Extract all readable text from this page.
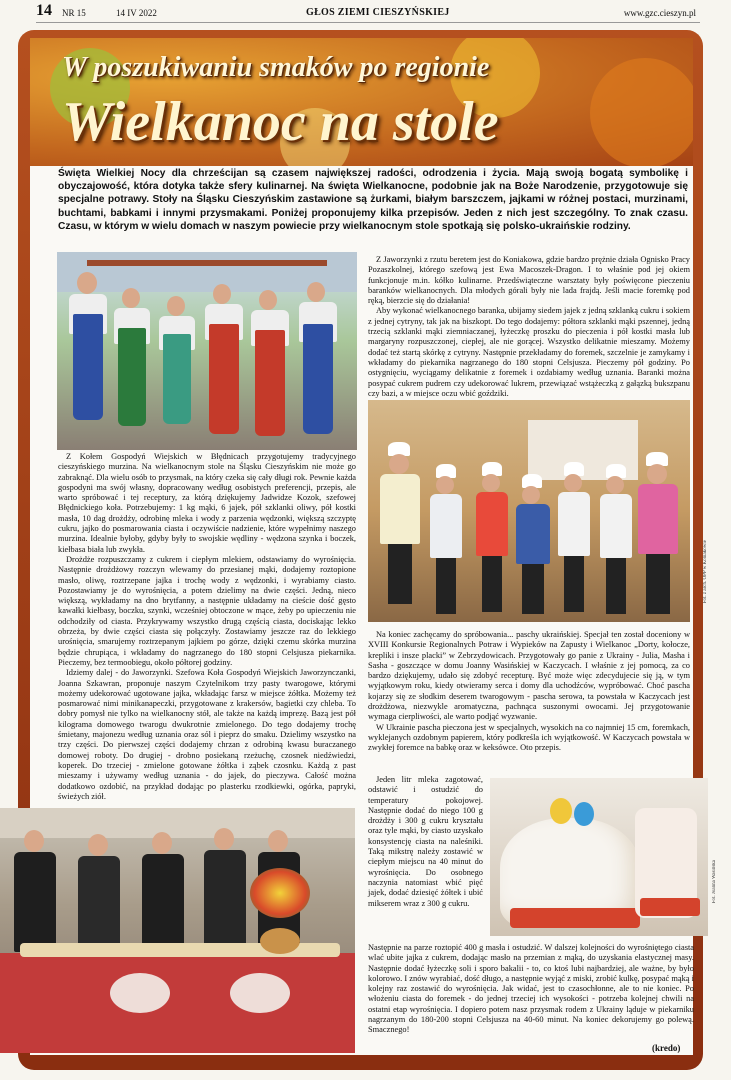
14 NR 15	14 IV 2022	GŁOS ZIEMI CIESZYŃSKIEJ	www.gzc.cieszyn.pl
W poszukiwaniu smaków po regionie
Wielkanoc na stole
Święta Wielkiej Nocy dla chrześcijan są czasem największej radości, odrodzenia i życia. Mają swoją bogatą symbolikę i obyczajowość, która dotyka także sfery kulinarnej. Na święta Wielkanocne, podobnie jak na Boże Narodzenie, przygotowuje się specjalne potrawy. Stoły na Śląsku Cieszyńskim zastawione są żurkami, białym barszczem, jajkami w różnej postaci, murzinami, buchtami, babkami i innymi przysmakami. Poniżej proponujemy kilka przepisów. Jeden z nich jest szczególny. To znak czasu. Czasu, w którym w wielu domach w naszym powiecie przy wielkanocnym stole spotkają się polsko-ukraińskie rodziny.

Z Kołem Gospodyń Wiejskich w Błędnicach przygotujemy tradycyjnego cieszyńskiego murzina. Na wielkanocnym stole na Śląsku Cieszyńskim nie może go zabraknąć. Dla wielu osób to przysmak, na który czeka się cały długi rok. Pewnie każda gospodyni ma swój własny, dopracowany według osobistych preferencji, przepis, ale warto spróbować i tej receptury, za którą dziękujemy Jadwidze Kozok, szefowej Błędnickiego koła. Potrzebujemy: 1 kg mąki, 6 jajek, pół szklanki oliwy, pół kostki masła, 10 dag drożdży, odrobinę mleka i wody z parzenia wędzonki, większą szczyptę cukru, jajko do posmarowania ciasta i oczywiście nadzienie, które wypełnimy naszego murzina. Idealnie byłoby, gdyby były to swojskie wędliny - wędzona szynka i boczek, kiełbasa biała lub zwykła.

Drożdże rozpuszczamy z cukrem i ciepłym mlekiem, odstawiamy do wyrośnięcia. Następnie drożdżowy rozczyn wlewamy do przesianej mąki, dodajemy roztopione masło, oliwę, roztrzepane jajka i trochę wody z wędzonki, i wyrabiamy ciasto. Pozostawiamy je do wyrośnięcia, a potem dzielimy na dwie części. Jedną, nieco większą, wykładamy na dno brytfanny, a następnie układamy na cieście dość gęsto kawałki kiełbasy, boczku, szynki, wcześniej obtoczone w mące, żeby po upieczeniu nie odchodziły od ciasta. Przykrywamy wszystko drugą częścią ciasta, dociskając lekko obrzeża, by dwie części ciasta się połączyły. Zostawiamy jeszcze raz do lekkiego urośnięcia, smarujemy roztrzepanym jajkiem po górze, dzięki czemu skórka murzina będzie chrupiąca, i wkładamy do nagrzanego do 180 stopni Celsjusza piekarnika. Pieczemy, bez termoobiegu, około półtorej godziny.

Idziemy dalej - do Jaworzynki. Szefowa Koła Gospodyń Wiejskich Jaworzynczanki, Joanna Szkawran, proponuje naszym Czytelnikom trzy pasty twarogowe, którymi możemy udekorować ugotowane jajka, wkładając farsz w miejsce żółtka. Możemy też posmarować nimi minikanapeczki, przygotowane z krakersów, bagietki czy chleba. To dobry pomysł nie tylko na wielkanocny stół, ale także na każdą imprezę. Bazą jest pół kilograma domowego twarogu dwukrotnie zmielonego. Do tego dodajemy trochę śmietany, majonezu według uznania oraz sól i pieprz do smaku. Dzielimy wszystko na trzy części. Do pierwszej części dodajemy chrzan z odrobiną kwasu buraczanego domowej roboty. Do drugiej - drobno posiekaną rzeżuchę, czosnek niedźwiedzi, koperek. Do trzeciej - zmielone gotowane żółtka i ząbek czosnku. Każdą z past mieszamy i używamy według uznania - do jajek, do pieczywa. Całość można dodatkowo ozdobić, na przykład dodając po plasterku rzodkiewki, ogórka, papryki, świeżych ziół.

Z Jaworzynki z rzutu beretem jest do Koniakowa, gdzie bardzo prężnie działa Ognisko Pracy Pozaszkolnej, którego szefową jest Ewa Macoszek-Dragon. I to właśnie pod jej okiem funkcjonuje m.in. kółko kulinarne. Przedświąteczne warsztaty były poświęcone pieczeniu baranków wielkanocnych. Dla młodych górali były nie lada frajdą. Jeśli macie foremkę pod ręką, bierzcie się do działania!

Aby wykonać wielkanocnego baranka, ubijamy siedem jajek z jedną szklanką cukru i sokiem z jednej cytryny, tak jak na biszkopt. Do tego dodajemy: półtora szklanki mąki pszennej, jedną trzecią szklanki mąki ziemniaczanej, łyżeczkę proszku do pieczenia i pół kostki masła lub margaryny rozpuszczonej, ciepłej, ale nie gorącej. Wszystko delikatnie mieszamy. Możemy dodać też startą skórkę z cytryny. Następnie przekładamy do foremek, szczelnie je zamykamy i wkładamy do piekarnika nagrzanego do 180 stopni Celsjusza. Pieczemy pół godziny. Po ostygnięciu, wyciągamy delikatnie z foremek i ozdabiamy według uznania. Baranki można posypać cukrem pudrem czy udekorować lukrem, przewiązać wstążeczką z gałązką bukszpanu czy bazi, a w miejsce oczu wbić goździki.

Fot. z arch. OPP w Koniakowie

Na koniec zachęcamy do spróbowania... paschy ukraińskiej. Specjał ten został doceniony w XVIII Konkursie Regionalnych Potraw i Wypieków na Zapusty i Wielkanoc „Dorty, kołocze, krepliki i insze placki” w Zebrzydowicach. Przygotowały go panie z Ukrainy - Julia, Masha i Sasha - goszczące w domu Joanny Wasińskiej w Kaczycach. I właśnie z jej pomocą, za co bardzo dziękujemy, udało się zdobyć recepturę. Być może więc zdecydujecie się ją, w tym wyjątkowym roku, kiedy otwieramy serca i domy dla uchodźców, wypróbować. Choć pascha kojarzy się ze słodkim deserem twarogowym - pascha serowa, ta powstała w Kaczycach jest drożdżowa, niezwykle aromatyczna, pachnąca suszonymi owocami. Jej przygotowanie wymaga cierpliwości, ale warto podjąć wyzwanie.

W Ukrainie pascha pieczona jest w specjalnych, wysokich na co najmniej 15 cm, foremkach, wyklejanych ozdobnym papierem, który podkreśla ich wyjątkowość. W Kaczycach powstała w zwykłej foremce na babkę oraz w keksówce. Oto przepis.

Jeden litr mleka zagotować, odstawić i ostudzić do temperatury pokojowej. Następnie dodać do niego 100 g drożdży i 300 g cukru kryształu oraz tyle mąki, by ciasto uzyskało konsystencję ciasta na naleśniki. Taką mikstrę należy zostawić w ciepłym miejscu na 40 minut do wyrośnięcia. Do osobnego naczynia natomiast wbić pięć jajek, dodać dziesięć żółtek i ubić mikserem wraz z 300 g cukru.	Fot. Joanna Wasińska

Następnie na parze roztopić 400 g masła i ostudzić. W dalszej kolejności do wyrośniętego ciasta wlać ubite jajka z cukrem, dodając masło na przemian z mąką, do uzyskania elastycznej masy. Następnie dodać łyżeczkę soli i sporo bakalii - to, co ktoś lubi najbardziej, ale ważne, by było kolorowo. I znów wyrabiać, dość długo, a następnie wyjąć z miski, zrobić kulkę, posypać mąką i kolejny raz zostawić do wyrośnięcia. Jak widać, jest to czasochłonne, ale to nie koniec. Po włożeniu ciasta do foremek - do jednej trzeciej ich wysokości - potrzeba kolejnej chwili na ostatni etap wyrośnięcia. I dopiero potem nasz przysmak rodem z Ukrainy ląduje w piekarniku nagrzanym do 180-200 stopni Celsjusza na 40-60 minut. Na koniec dekorujemy go polewą. Smacznego!

(kredo)
